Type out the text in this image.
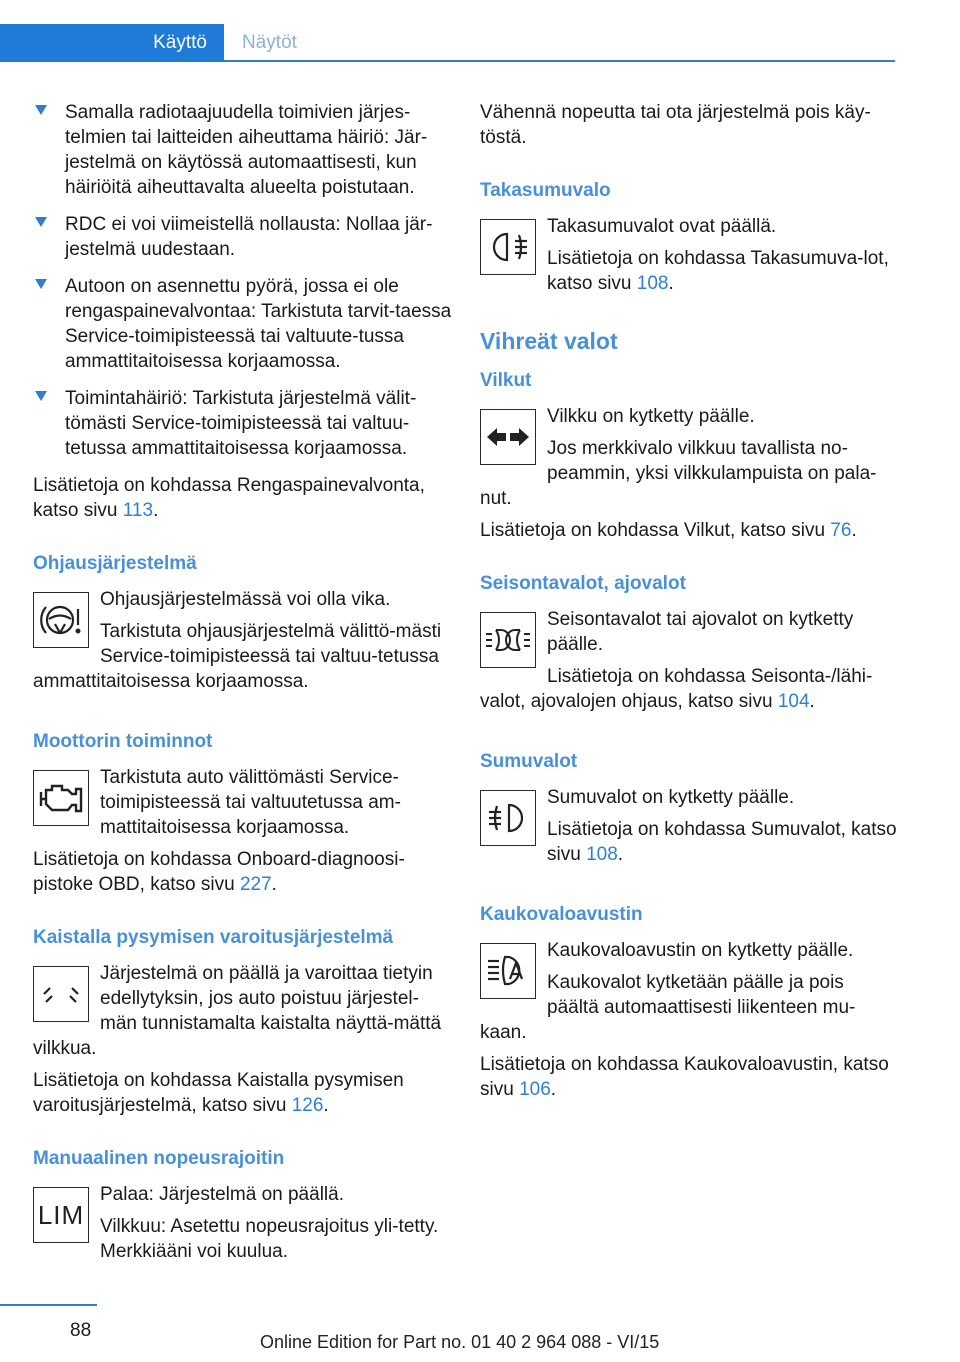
Käyttö	Näytöt
Samalla radiotaajuudella toimivien järjes-telmien tai laitteiden aiheuttama häiriö: Jär-jestelmä on käytössä automaattisesti, kun häiriöitä aiheuttavalta alueelta poistutaan.
RDC ei voi viimeistellä nollausta: Nollaa jär-jestelmä uudestaan.
Autoon on asennettu pyörä, jossa ei ole rengaspainevalvontaa: Tarkistuta tarvit-taessa Service-toimipisteessä tai valtuute-tussa ammattitaitoisessa korjaamossa.
Toimintahäiriö: Tarkistuta järjestelmä välit-tömästi Service-toimipisteessä tai valtuu-tetussa ammattitaitoisessa korjaamossa.

Lisätietoja on kohdassa Rengaspainevalvonta, katso sivu 113.

Ohjausjärjestelmä

Ohjausjärjestelmässä voi olla vika.

Tarkistuta ohjausjärjestelmä välittö-mästi Service-toimipisteessä tai valtuu-tetussa ammattitaitoisessa korjaamossa.

Moottorin toiminnot

Tarkistuta auto välittömästi Service-toimipisteessä tai valtuutetussa am-mattitaitoisessa korjaamossa.

Lisätietoja on kohdassa Onboard-diagnoosi-pistoke OBD, katso sivu 227.

Kaistalla pysymisen varoitusjärjestelmä

Järjestelmä on päällä ja varoittaa tietyin edellytyksin, jos auto poistuu järjestel-män tunnistamalta kaistalta näyttä-mättä vilkkua.

Lisätietoja on kohdassa Kaistalla pysymisen varoitusjärjestelmä, katso sivu 126.

Manuaalinen nopeusrajoitin
LIM

Palaa: Järjestelmä on päällä.

Vilkkuu: Asetettu nopeusrajoitus yli-tetty. Merkkiääni voi kuulua.

Vähennä nopeutta tai ota järjestelmä pois käy-töstä.

Takasumuvalo

Takasumuvalot ovat päällä.

Lisätietoja on kohdassa Takasumuva-lot, katso sivu 108.

Vihreät valot
Vilkut

Vilkku on kytketty päälle.

Jos merkkivalo vilkkuu tavallista no-peammin, yksi vilkkulampuista on pala-nut.

Lisätietoja on kohdassa Vilkut, katso sivu 76.

Seisontavalot, ajovalot

Seisontavalot tai ajovalot on kytketty päälle.

Lisätietoja on kohdassa Seisonta-/lähi-valot, ajovalojen ohjaus, katso sivu 104.

Sumuvalot

Sumuvalot on kytketty päälle.

Lisätietoja on kohdassa Sumuvalot, katso sivu 108.

Kaukovaloavustin

Kaukovaloavustin on kytketty päälle.

Kaukovalot kytketään päälle ja pois päältä automaattisesti liikenteen mu-kaan.

Lisätietoja on kohdassa Kaukovaloavustin, katso sivu 106.

88
Online Edition for Part no. 01 40 2 964 088 - VI/15
